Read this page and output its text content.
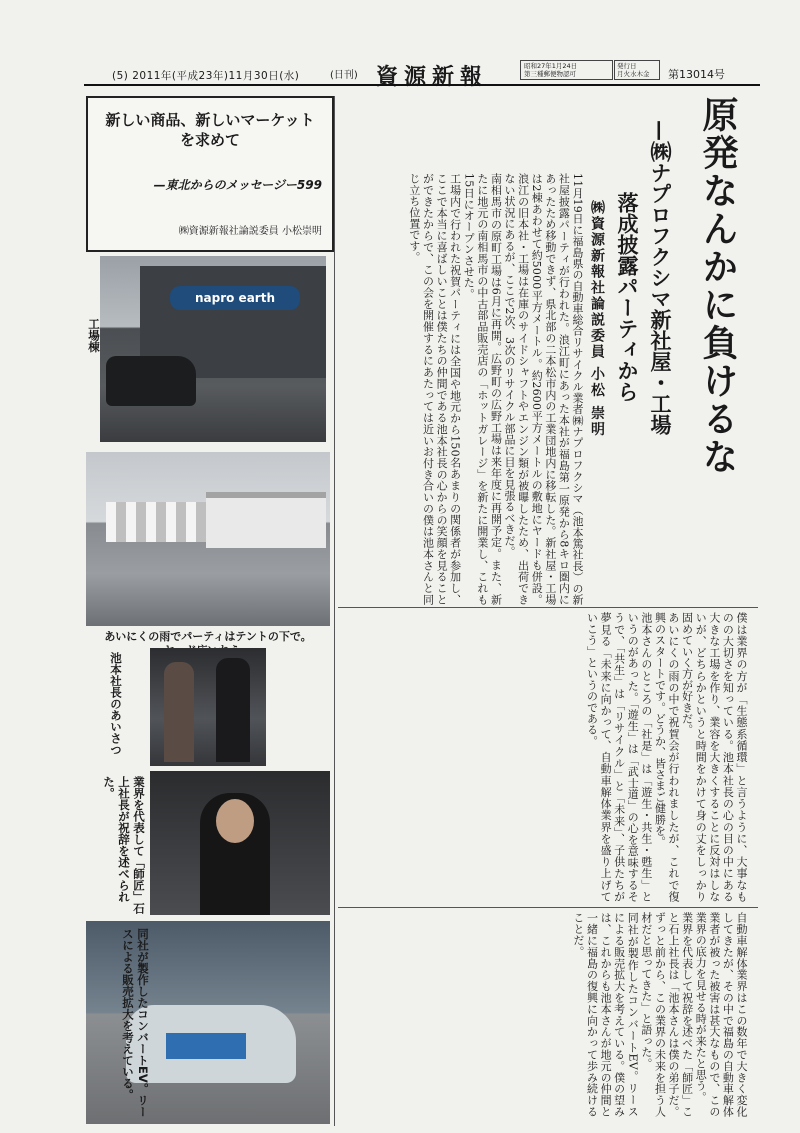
(5) 2011年(平成23年)11月30日(水)	(日刊) 資源新報	昭和27年1月24日
第三種郵便物認可
発行日
月火水木金	第13014号
原発なんかに負けるな
—㈱ナプロフクシマ新社屋・工場
落成披露パーティから
㈱資源新報社論説委員 小松 崇明

11月19日に福島県の自動車総合リサイクル業者㈱ナプロフクシマ（池本篤社長）の新社屋披露パーティが行われた。浪江町にあった本社が福島第一原発から8キロ圏内にあったため移動できず、県北部の二本松市内の工業団地内に移転した。新社屋・工場は2棟あわせて約5000平方メートル。約2600平方メートルの敷地にヤードも併設。浪江の旧本社・工場は在庫のサイドシャフトやエンジン類が被曝したため、出荷できない状況にあるが、ここで2次、3次のリサイクル部品に目を見張るべきだ。

南相馬市の原町工場は6月に再開。広野町の広野工場は来年度に再開予定。また、新たに地元の南相馬市の中古部品販売店の「ホットガレージ」を新たに開業し、これも15日にオープンさせた。

工場内で行われた祝賀パーティには全国や地元から150名あまりの関係者が参加し、ここで本当に喜ばしいことは僕たちの仲間である池本社長の心からの笑顔を見ることができたからで、この会を開催するにあたっては近いお付き合いの僕は池本さんと同じ立ち位置です。

僕は業界の方が「生態系循環」と言うように、大事なものの大切さを知っている。池本社長の心の目の中にある大きな工場を作り、業容を大きくすることに反対はしないが、どちらかというと時間をかけて身の丈をしっかり固めていく方が好きだ。

あいにくの雨の中で祝賀会が行われましたが、これで復興のスタートです。どうか、皆さまご健勝を。

池本さんのところの「社是」は「遊生・共生・甦生」というのがあった。「遊生」は「武士道」の心を意味するそうで、「共生」は「リサイクル」と「未来」、子供たちが夢見る「未来に向かって、自動車解体業界を盛り上げていこう」というのである。

自動車解体業界はこの数年で大きく変化してきたが、その中で福島の自動車解体業者が被った被害は甚大なもので、この業界の底力を見せる時が来たと思う。

業界を代表して祝辞を述べた「師匠」こと石上社長は「池本さんは僕の弟子だ。ずっと前から、この業界の未来を担う人材だと思ってきた」と語った。

同社が製作したコンバートEV。リースによる販売拡大を考えている。僕の望みは、これからも池本さんが地元の仲間と一緒に福島の復興に向かって歩み続けることだ。

新しい商品、新しいマーケット
を求めて
—東北からのメッセージー599
㈱資源新報社論説委員 小松崇明
napro earth
工場棟
あいにくの雨でパーティはテントの下で。
池本社長のあいさつ
業界を代表して「師匠」石上社長が祝辞を述べられた。
同社が製作したコンバートEV。リースによる販売拡大を考えている。
